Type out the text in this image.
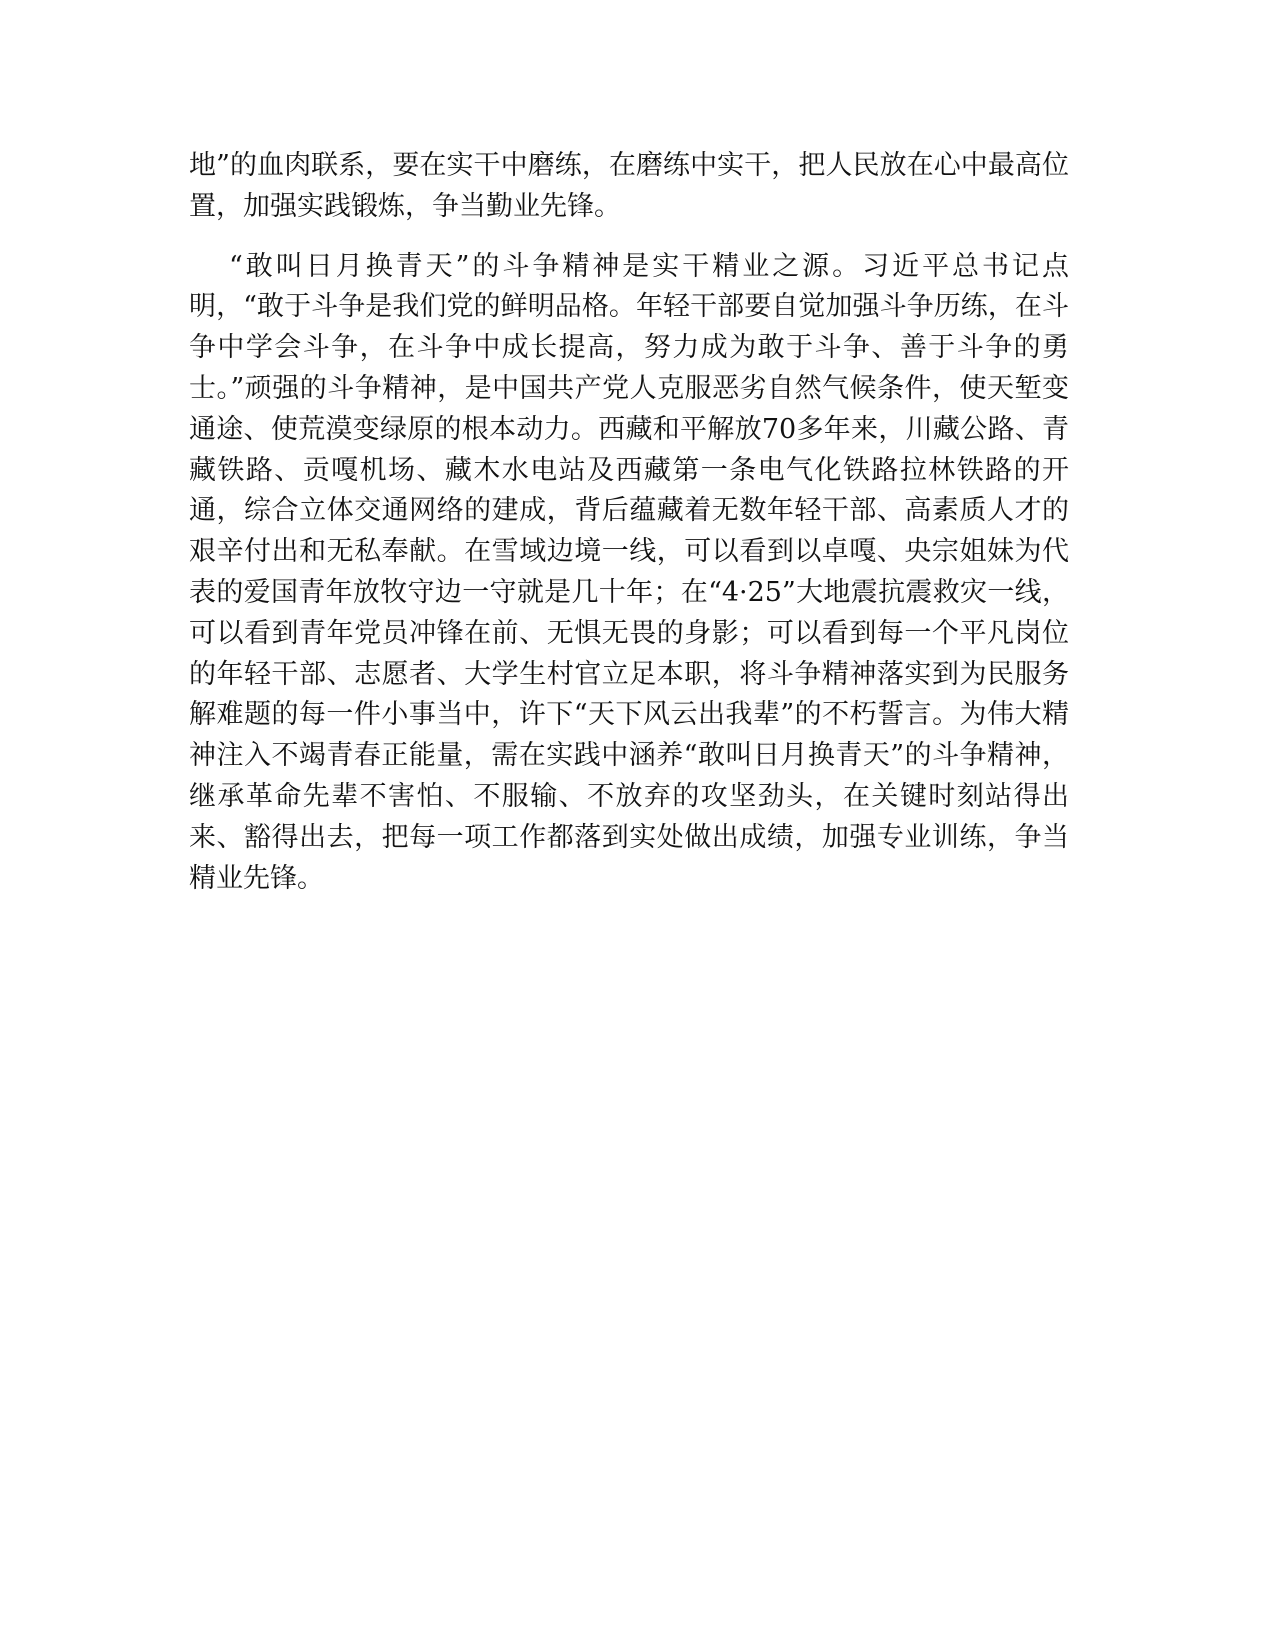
地”的血肉联系，要在实干中磨练，在磨练中实干，把人民放在心中最高位置，加强实践锻炼，争当勤业先锋。

“敢叫日月换青天”的斗争精神是实干精业之源。习近平总书记点明，“敢于斗争是我们党的鲜明品格。年轻干部要自觉加强斗争历练，在斗争中学会斗争，在斗争中成长提高，努力成为敢于斗争、善于斗争的勇士。”顽强的斗争精神，是中国共产党人克服恶劣自然气候条件，使天堑变通途、使荒漠变绿原的根本动力。西藏和平解放70多年来，川藏公路、青藏铁路、贡嘎机场、藏木水电站及西藏第一条电气化铁路拉林铁路的开通，综合立体交通网络的建成，背后蕴藏着无数年轻干部、高素质人才的艰辛付出和无私奉献。在雪域边境一线，可以看到以卓嘎、央宗姐妹为代表的爱国青年放牧守边一守就是几十年；在“4·25”大地震抗震救灾一线，可以看到青年党员冲锋在前、无惧无畏的身影；可以看到每一个平凡岗位的年轻干部、志愿者、大学生村官立足本职，将斗争精神落实到为民服务解难题的每一件小事当中，许下“天下风云出我辈”的不朽誓言。为伟大精神注入不竭青春正能量，需在实践中涵养“敢叫日月换青天”的斗争精神，继承革命先辈不害怕、不服输、不放弃的攻坚劲头，在关键时刻站得出来、豁得出去，把每一项工作都落到实处做出成绩，加强专业训练，争当精业先锋。
